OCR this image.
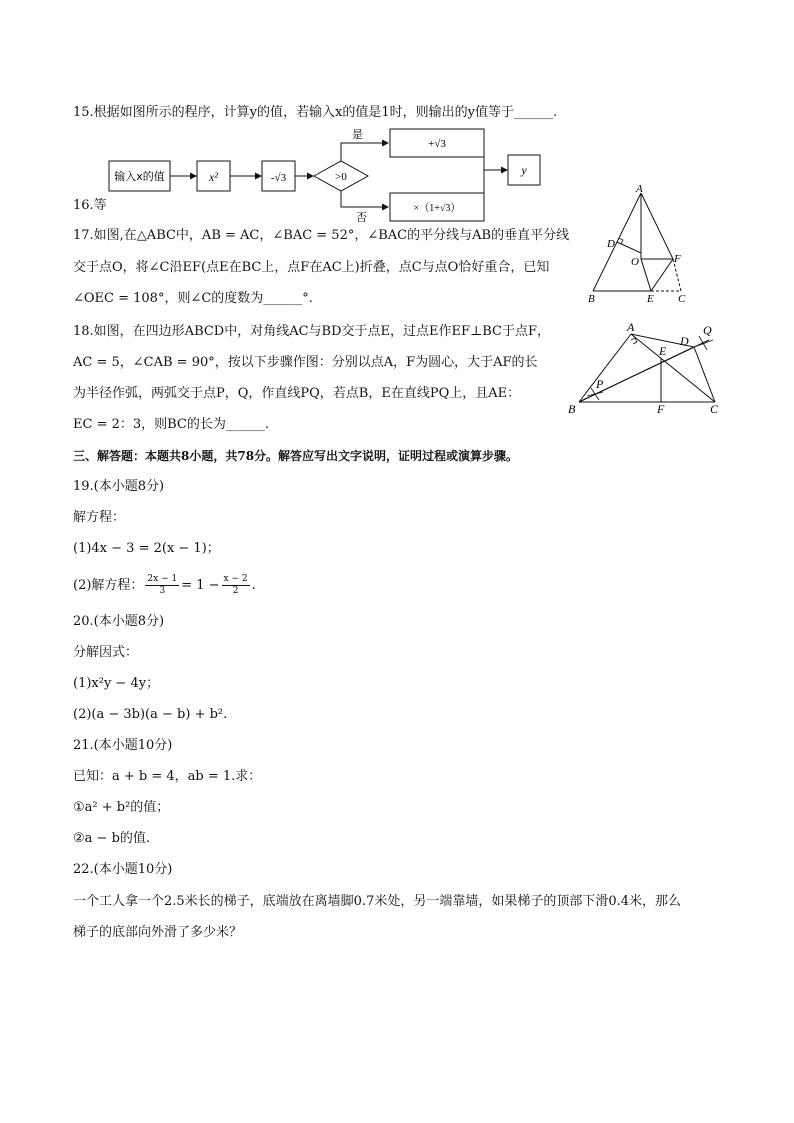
15.根据如图所示的程序，计算y的值，若输入x的值是1时，则输出的y值等于______.
输入x的值	x²	-√3	>0
是
+√3
否
×（1+√3）
y
16.等
17.如图,在△ABC中，AB = AC，∠BAC = 52°，∠BAC的平分线与AB的垂直平分线
交于点O，将∠C沿EF(点E在BC上，点F在AC上)折叠，点C与点O恰好重合，已知
∠OEC = 108°，则∠C的度数为______°.
A
B	C
D
E
F
O
18.如图，在四边形ABCD中，对角线AC与BD交于点E，过点E作EF⊥BC于点F，
AC = 5，∠CAB = 90°，按以下步骤作图：分别以点A，F为圆心，大于AF的长
为半径作弧，两弧交于点P，Q，作直线PQ，若点B，E在直线PQ上，且AE：
EC = 2：3，则BC的长为______.
A
B	C
D
E
F
P
Q
三、解答题：本题共8小题，共78分。解答应写出文字说明，证明过程或演算步骤。
19.(本小题8分)
解方程：
(1)4x − 3 = 2(x − 1)；
(2)解方程： $\frac{2x - 1}{3} = 1 - \frac{x - 2}{2}$ .
20.(本小题8分)
分解因式：
(1)x²y − 4y；
(2)(a − 3b)(a − b) + b².
21.(本小题10分)
已知：a + b = 4，ab = 1.求：
①a² + b²的值；
②a − b的值.
22.(本小题10分)
一个工人拿一个2.5米长的梯子，底端放在离墙脚0.7米处，另一端靠墙，如果梯子的顶部下滑0.4米，那么
梯子的底部向外滑了多少米？
